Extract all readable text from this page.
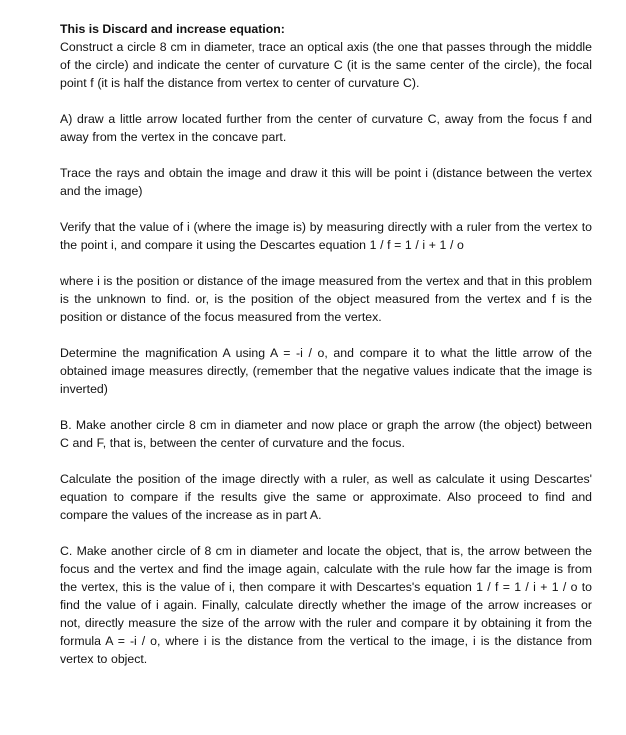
This is Discard and increase equation:

Construct a circle 8 cm in diameter, trace an optical axis (the one that passes through the middle of the circle) and indicate the center of curvature C (it is the same center of the circle), the focal point f (it is half the distance from vertex to center of curvature C).

A) draw a little arrow located further from the center of curvature C, away from the focus f and away from the vertex in the concave part.

Trace the rays and obtain the image and draw it this will be point i (distance between the vertex and the image)

Verify that the value of i (where the image is) by measuring directly with a ruler from the vertex to the point i, and compare it using the Descartes equation 1 / f = 1 / i + 1 / o

where i is the position or distance of the image measured from the vertex and that in this problem is the unknown to find. or, is the position of the object measured from the vertex and f is the position or distance of the focus measured from the vertex.

Determine the magnification A using A = -i / o, and compare it to what the little arrow of the obtained image measures directly, (remember that the negative values indicate that the image is inverted)

B. Make another circle 8 cm in diameter and now place or graph the arrow (the object) between C and F, that is, between the center of curvature and the focus.

Calculate the position of the image directly with a ruler, as well as calculate it using Descartes' equation to compare if the results give the same or approximate. Also proceed to find and compare the values of the increase as in part A.

C. Make another circle of 8 cm in diameter and locate the object, that is, the arrow between the focus and the vertex and find the image again, calculate with the rule how far the image is from the vertex, this is the value of i, then compare it with Descartes's equation 1 / f = 1 / i + 1 / o to find the value of i again. Finally, calculate directly whether the image of the arrow increases or not, directly measure the size of the arrow with the ruler and compare it by obtaining it from the formula A = -i / o, where i is the distance from the vertical to the image, i is the distance from vertex to object.
